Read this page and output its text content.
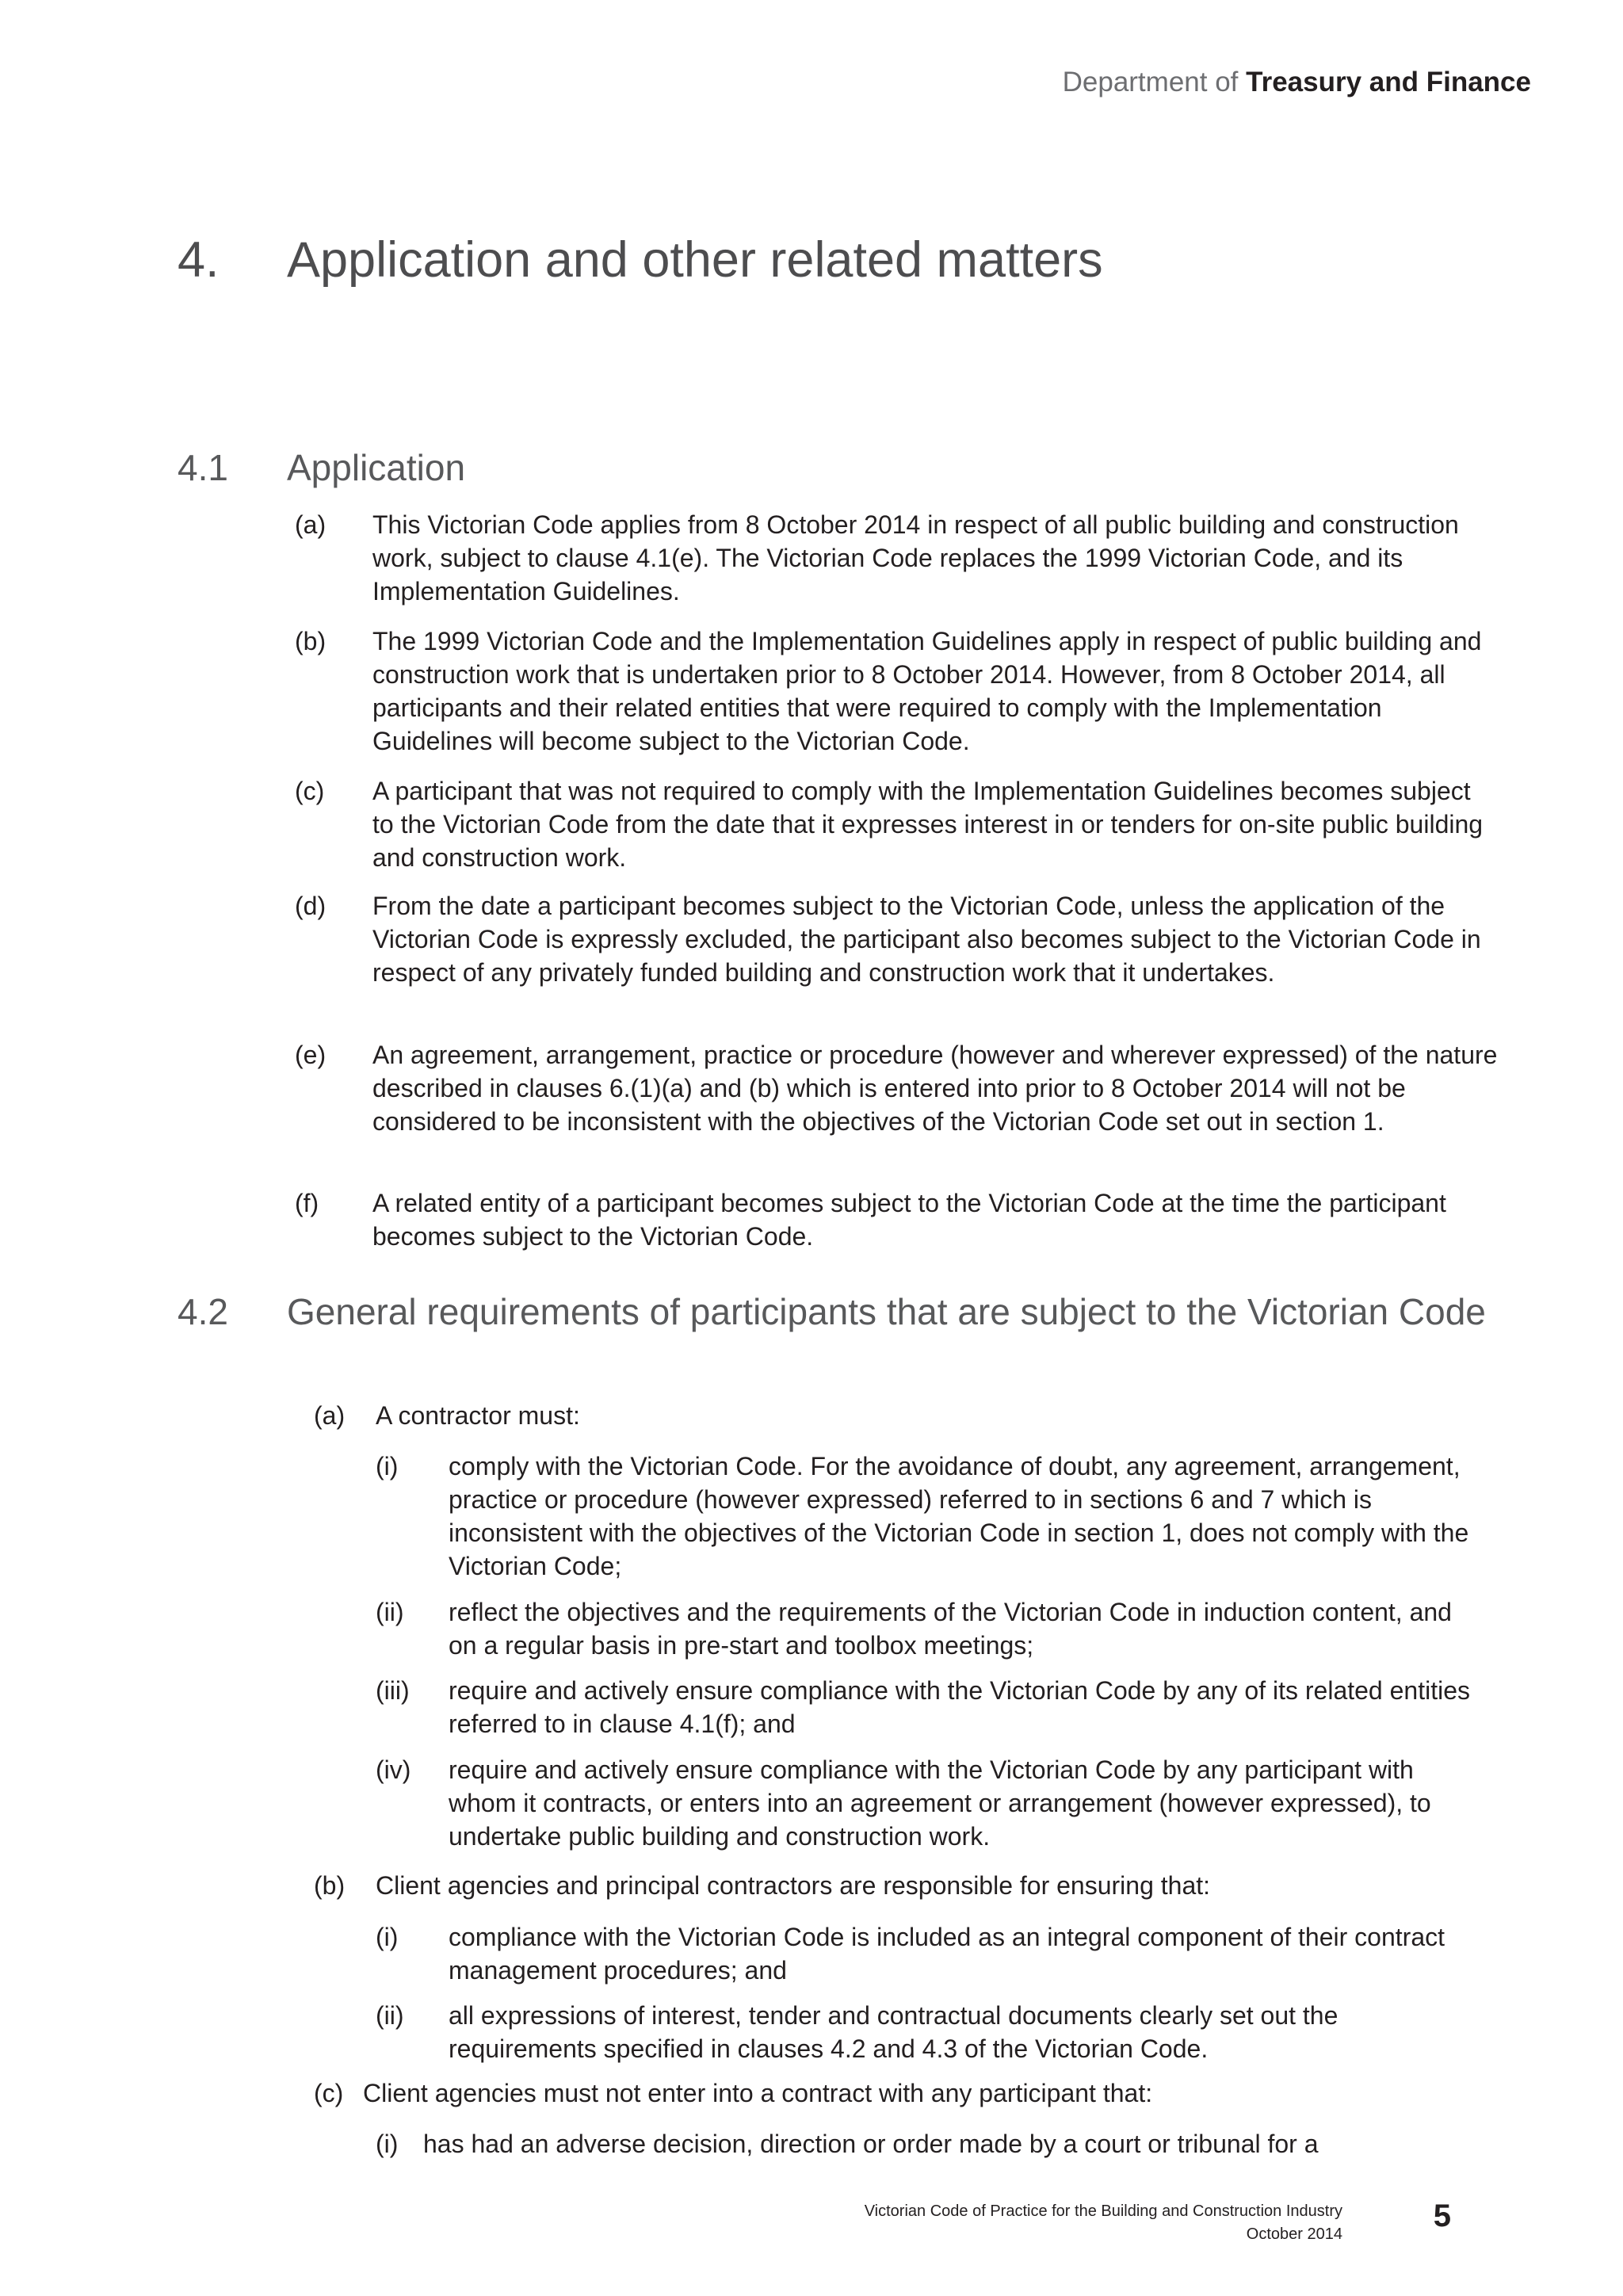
Department of Treasury and Finance
4. Application and other related matters
4.1 Application
(a) This Victorian Code applies from 8 October 2014 in respect of all public building and construction work, subject to clause 4.1(e). The Victorian Code replaces the 1999 Victorian Code, and its Implementation Guidelines.
(b) The 1999 Victorian Code and the Implementation Guidelines apply in respect of public building and construction work that is undertaken prior to 8 October 2014. However, from 8 October 2014, all participants and their related entities that were required to comply with the Implementation Guidelines will become subject to the Victorian Code.
(c) A participant that was not required to comply with the Implementation Guidelines becomes subject to the Victorian Code from the date that it expresses interest in or tenders for on-site public building and construction work.
(d) From the date a participant becomes subject to the Victorian Code, unless the application of the Victorian Code is expressly excluded, the participant also becomes subject to the Victorian Code in respect of any privately funded building and construction work that it undertakes.
(e) An agreement, arrangement, practice or procedure (however and wherever expressed) of the nature described in clauses 6.(1)(a) and (b) which is entered into prior to 8 October 2014 will not be considered to be inconsistent with the objectives of the Victorian Code set out in section 1.
(f) A related entity of a participant becomes subject to the Victorian Code at the time the participant becomes subject to the Victorian Code.
4.2 General requirements of participants that are subject to the Victorian Code
(a) A contractor must:
(i) comply with the Victorian Code. For the avoidance of doubt, any agreement, arrangement, practice or procedure (however expressed) referred to in sections 6 and 7 which is inconsistent with the objectives of the Victorian Code in section 1, does not comply with the Victorian Code;
(ii) reflect the objectives and the requirements of the Victorian Code in induction content, and on a regular basis in pre-start and toolbox meetings;
(iii) require and actively ensure compliance with the Victorian Code by any of its related entities referred to in clause 4.1(f); and
(iv) require and actively ensure compliance with the Victorian Code by any participant with whom it contracts, or enters into an agreement or arrangement (however expressed), to undertake public building and construction work.
(b) Client agencies and principal contractors are responsible for ensuring that:
(i) compliance with the Victorian Code is included as an integral component of their contract management procedures; and
(ii) all expressions of interest, tender and contractual documents clearly set out the requirements specified in clauses 4.2 and 4.3 of the Victorian Code.
(c) Client agencies must not enter into a contract with any participant that:
(i) has had an adverse decision, direction or order made by a court or tribunal for a
Victorian Code of Practice for the Building and Construction Industry
October 2014
5
